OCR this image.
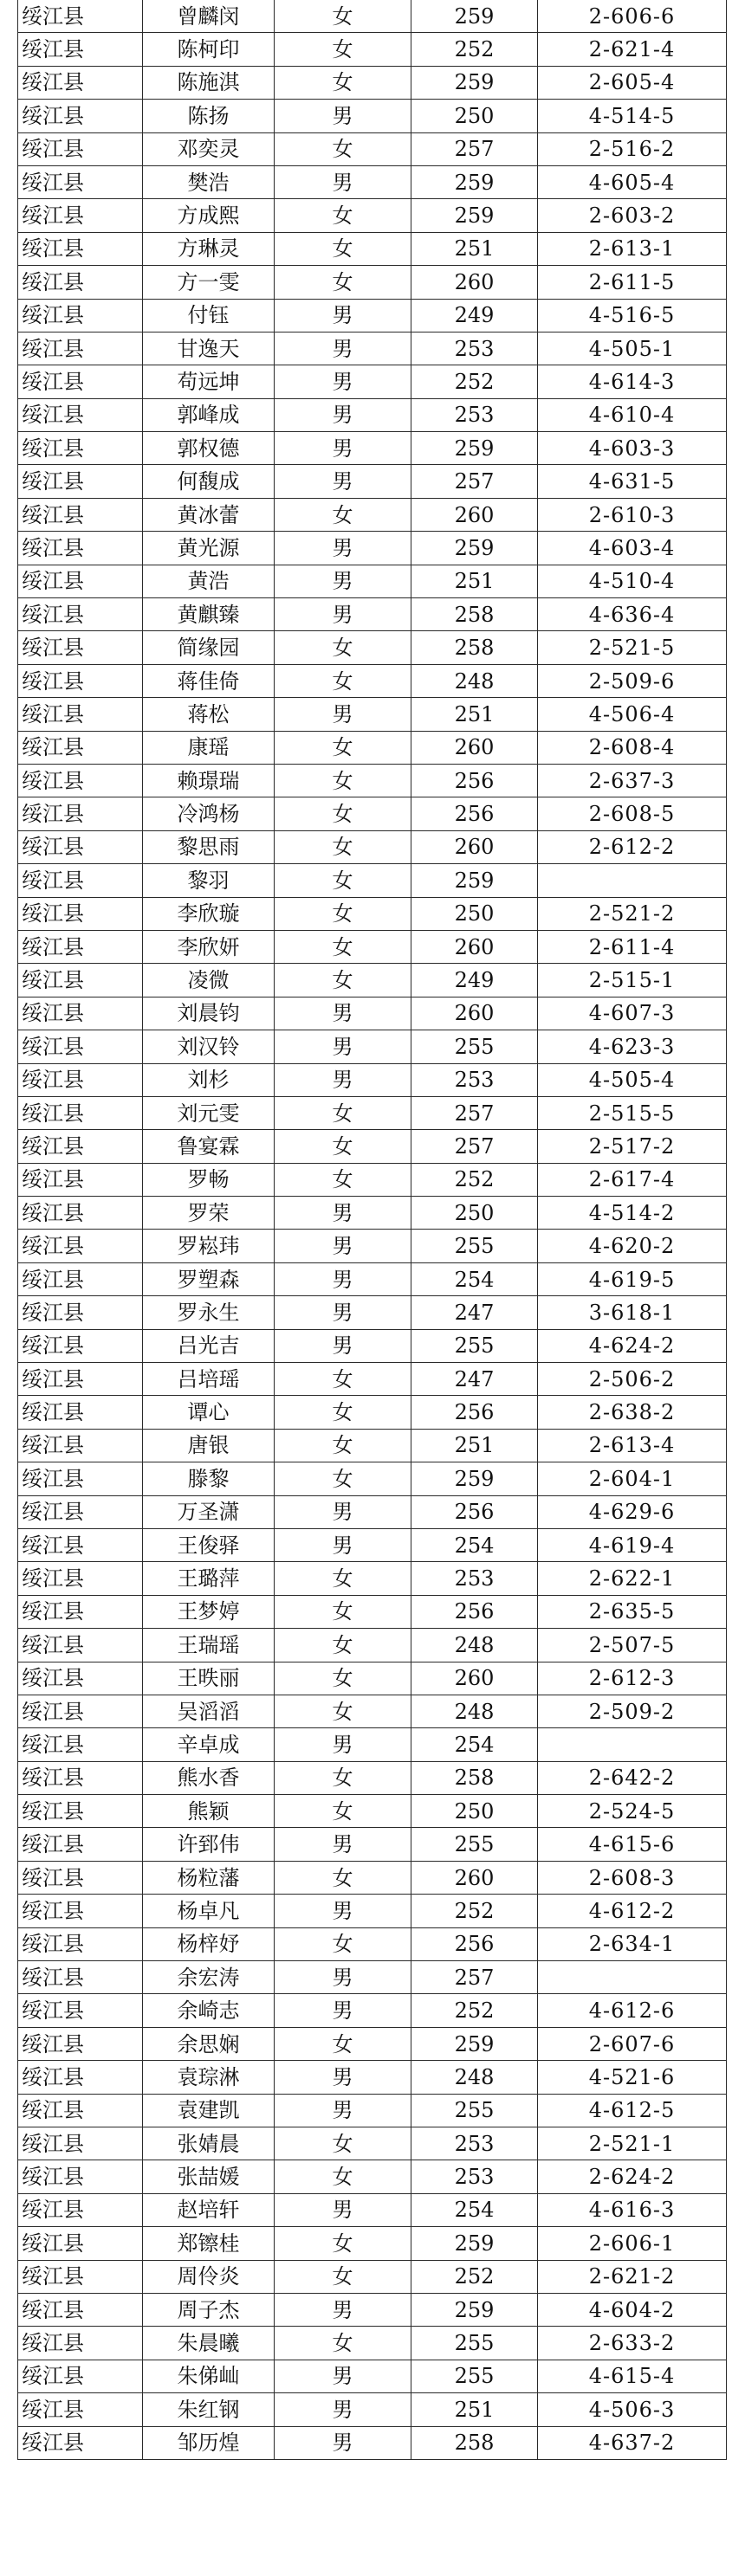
绥江县	曾麟闵	女	259	2-606-6
绥江县	陈柯印	女	252	2-621-4
绥江县	陈施淇	女	259	2-605-4
绥江县	陈扬	男	250	4-514-5
绥江县	邓奕灵	女	257	2-516-2
绥江县	樊浩	男	259	4-605-4
绥江县	方成熙	女	259	2-603-2
绥江县	方琳灵	女	251	2-613-1
绥江县	方一雯	女	260	2-611-5
绥江县	付钰	男	249	4-516-5
绥江县	甘逸天	男	253	4-505-1
绥江县	苟远坤	男	252	4-614-3
绥江县	郭峰成	男	253	4-610-4
绥江县	郭权德	男	259	4-603-3
绥江县	何馥成	男	257	4-631-5
绥江县	黄冰蕾	女	260	2-610-3
绥江县	黄光源	男	259	4-603-4
绥江县	黄浩	男	251	4-510-4
绥江县	黄麒臻	男	258	4-636-4
绥江县	简缘园	女	258	2-521-5
绥江县	蒋佳倚	女	248	2-509-6
绥江县	蒋松	男	251	4-506-4
绥江县	康瑶	女	260	2-608-4
绥江县	赖璟瑞	女	256	2-637-3
绥江县	冷鸿杨	女	256	2-608-5
绥江县	黎思雨	女	260	2-612-2
绥江县	黎羽	女	259	
绥江县	李欣璇	女	250	2-521-2
绥江县	李欣妍	女	260	2-611-4
绥江县	凌微	女	249	2-515-1
绥江县	刘晨钧	男	260	4-607-3
绥江县	刘汉铃	男	255	4-623-3
绥江县	刘杉	男	253	4-505-4
绥江县	刘元雯	女	257	2-515-5
绥江县	鲁宴霖	女	257	2-517-2
绥江县	罗畅	女	252	2-617-4
绥江县	罗荣	男	250	4-514-2
绥江县	罗崧玮	男	255	4-620-2
绥江县	罗塑森	男	254	4-619-5
绥江县	罗永生	男	247	3-618-1
绥江县	吕光吉	男	255	4-624-2
绥江县	吕培瑶	女	247	2-506-2
绥江县	谭心	女	256	2-638-2
绥江县	唐银	女	251	2-613-4
绥江县	滕黎	女	259	2-604-1
绥江县	万圣潇	男	256	4-629-6
绥江县	王俊驿	男	254	4-619-4
绥江县	王璐萍	女	253	2-622-1
绥江县	王梦婷	女	256	2-635-5
绥江县	王瑞瑶	女	248	2-507-5
绥江县	王昳丽	女	260	2-612-3
绥江县	吴滔滔	女	248	2-509-2
绥江县	辛卓成	男	254	
绥江县	熊水香	女	258	2-642-2
绥江县	熊颖	女	250	2-524-5
绥江县	许郅伟	男	255	4-615-6
绥江县	杨粒藩	女	260	2-608-3
绥江县	杨卓凡	男	252	4-612-2
绥江县	杨梓妤	女	256	2-634-1
绥江县	余宏涛	男	257	
绥江县	余崎志	男	252	4-612-6
绥江县	余思娴	女	259	2-607-6
绥江县	袁琮淋	男	248	4-521-6
绥江县	袁建凯	男	255	4-612-5
绥江县	张婧晨	女	253	2-521-1
绥江县	张喆媛	女	253	2-624-2
绥江县	赵培轩	男	254	4-616-3
绥江县	郑镲桂	女	259	2-606-1
绥江县	周伶炎	女	252	2-621-2
绥江县	周子杰	男	259	4-604-2
绥江县	朱晨曦	女	255	2-633-2
绥江县	朱俤屾	男	255	4-615-4
绥江县	朱红钢	男	251	4-506-3
绥江县	邹历煌	男	258	4-637-2
